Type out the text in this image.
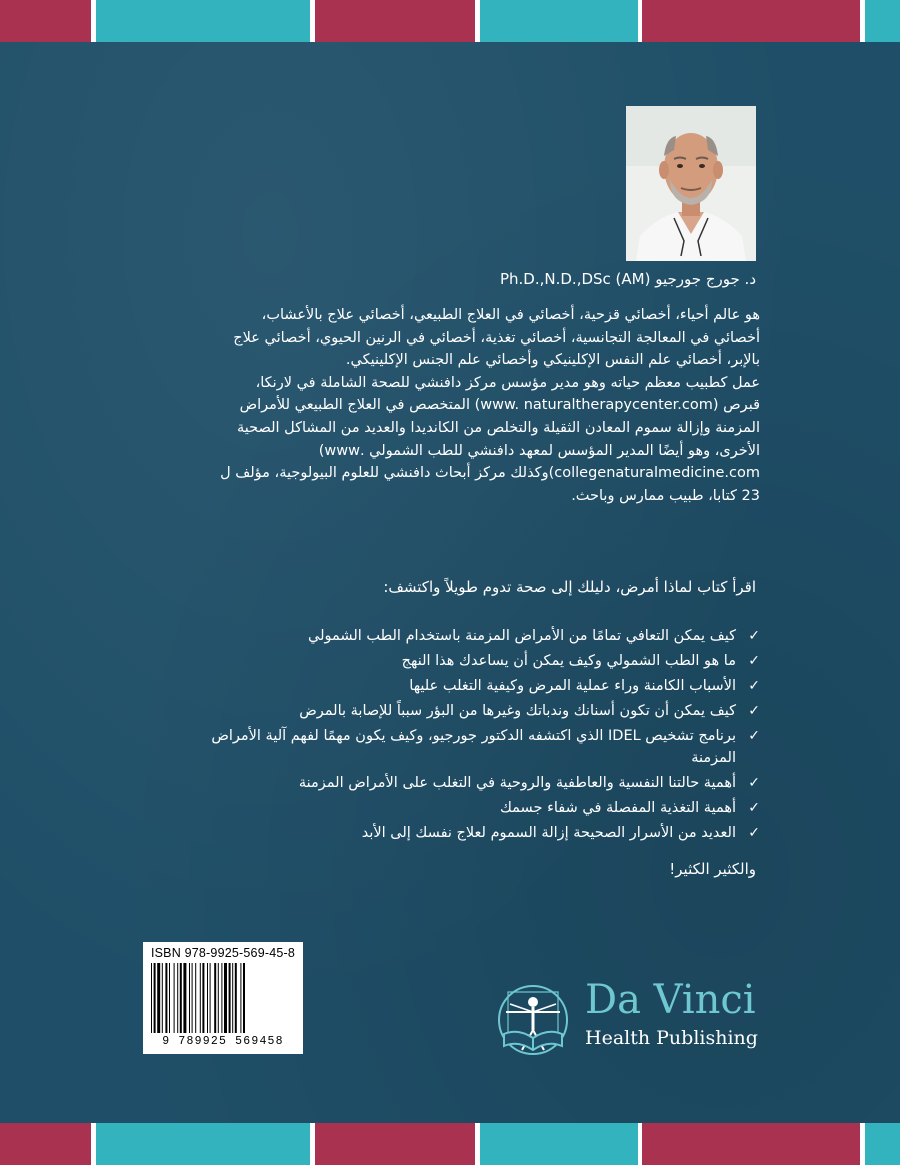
Ph.D.,N.D.,DSc (AM) د. جورج جورجيو

هو عالم أحياء، أخصائي قزحية، أخصائي في العلاج الطبيعي، أخصائي علاج بالأعشاب،

أخصائي في المعالجة التجانسية، أخصائي تغذية، أخصائي في الرنين الحيوي، أخصائي علاج

بالإبر، أخصائي علم النفس الإكلينيكي وأخصائي علم الجنس الإكلينيكي.

عمل كطبيب معظم حياته وهو مدير مؤسس مركز دافنشي للصحة الشاملة في لارنكا،

قبرص (www. naturaltherapycenter.com) المتخصص في العلاج الطبيعي للأمراض

المزمنة وإزالة سموم المعادن الثقيلة والتخلص من الكانديدا والعديد من المشاكل الصحية

الأخرى، وهو أيضًا المدير المؤسس لمعهد دافنشي للطب الشمولي .www)

collegenaturalmedicine.com)وكذلك مركز أبحاث دافنشي للعلوم البيولوجية، مؤلف ل

23 كتابا، طبيب ممارس وباحث.

اقرأ كتاب لماذا أمرض، دليلك إلى صحة تدوم طويلاً واكتشف:
✓
كيف يمكن التعافي تمامًا من الأمراض المزمنة باستخدام الطب الشمولي
✓
ما هو الطب الشمولي وكيف يمكن أن يساعدك هذا النهج
✓
الأسباب الكامنة وراء عملية المرض وكيفية التغلب عليها
✓
كيف يمكن أن تكون أسنانك وندباتك وغيرها من البؤر سبباً للإصابة بالمرض
✓
برنامج تشخيص IDEL الذي اكتشفه الدكتور جورجيو، وكيف يكون مهمًا لفهم آلية الأمراض المزمنة
✓
أهمية حالتنا النفسية والعاطفية والروحية في التغلب على الأمراض المزمنة
✓
أهمية التغذية المفصلة في شفاء جسمك
✓
العديد من الأسرار الصحيحة إزالة السموم لعلاج نفسك إلى الأبد
والكثير الكثير!
ISBN 978-9925-569-45-8
9 789925 569458
Da Vinci
Health Publishing
